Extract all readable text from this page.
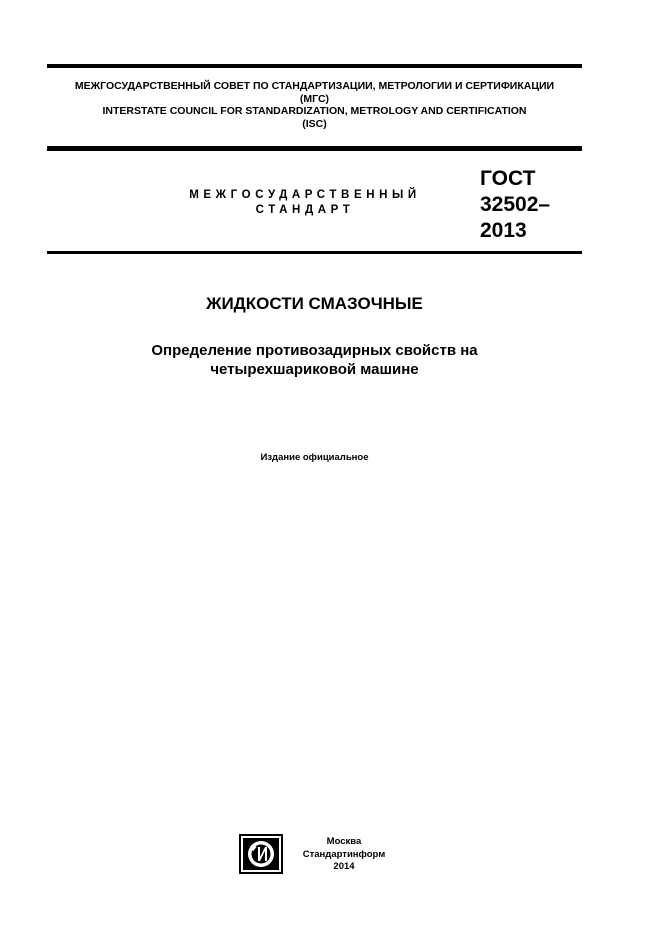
МЕЖГОСУДАРСТВЕННЫЙ СОВЕТ ПО СТАНДАРТИЗАЦИИ, МЕТРОЛОГИИ И СЕРТИФИКАЦИИ
(МГС)
INTERSTATE COUNCIL FOR STANDARDIZATION, METROLOGY AND CERTIFICATION
(ISC)
МЕЖГОСУДАРСТВЕННЫЙ
СТАНДАРТ
ГОСТ
32502–
2013
ЖИДКОСТИ СМАЗОЧНЫЕ
Определение противозадирных свойств на
четырехшариковой машине
Издание официальное
Москва
Стандартинформ
2014
